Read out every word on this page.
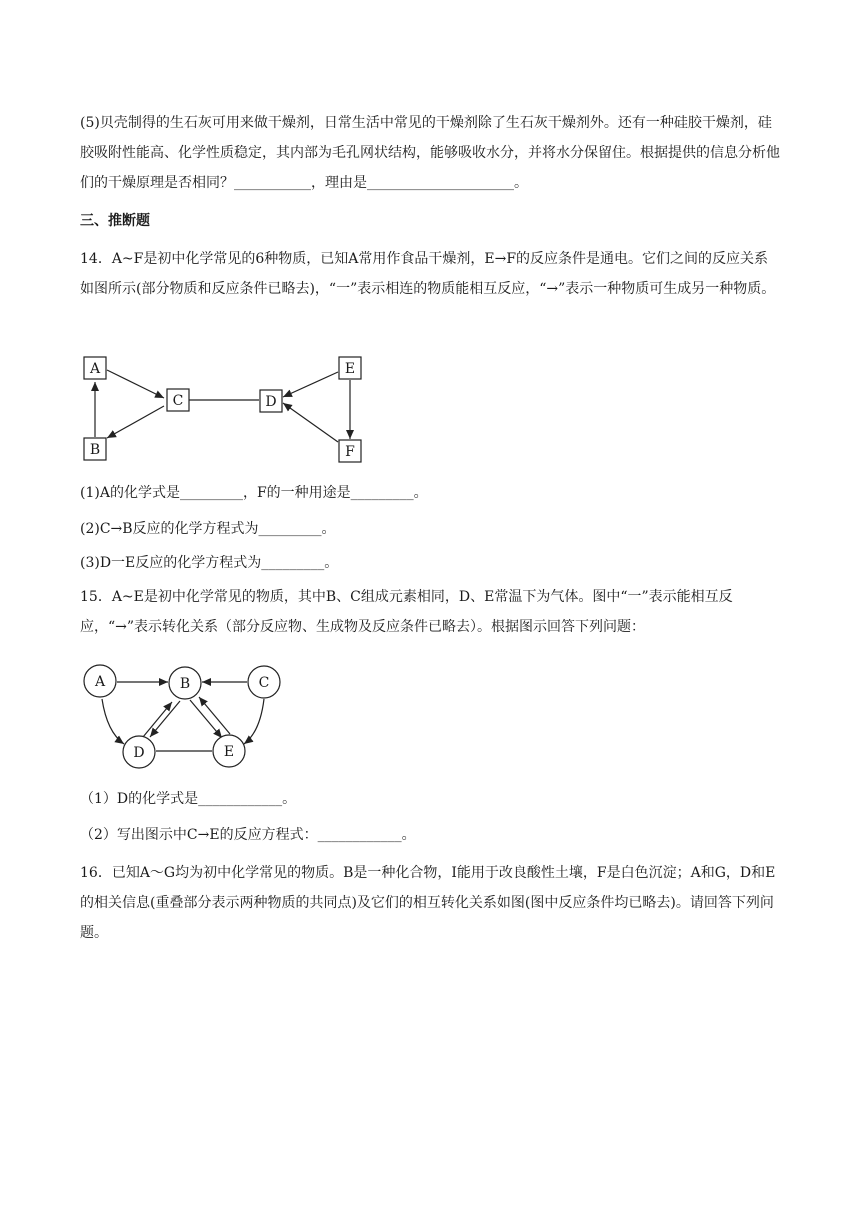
(5)贝壳制得的生石灰可用来做干燥剂，日常生活中常见的干燥剂除了生石灰干燥剂外。还有一种硅胶干燥剂，硅胶吸附性能高、化学性质稳定，其内部为毛孔网状结构，能够吸收水分，并将水分保留住。根据提供的信息分析他们的干燥原理是否相同？___________，理由是_____________________。

三、推断题

14．A~F是初中化学常见的6种物质，已知A常用作食品干燥剂，E→F的反应条件是通电。它们之间的反应关系如图所示(部分物质和反应条件已略去)，“一”表示相连的物质能相互反应，“→”表示一种物质可生成另一种物质。

A
B
C	D
E
F

(1)A的化学式是_________，F的一种用途是_________。

(2)C→B反应的化学方程式为_________。

(3)D一E反应的化学方程式为_________。

15．A~E是初中化学常见的物质，其中B、C组成元素相同，D、E常温下为气体。图中“一”表示能相互反应，“→”表示转化关系（部分反应物、生成物及反应条件已略去）。根据图示回答下列问题：

A	B	C
D	E

（1）D的化学式是____________。

（2）写出图示中C→E的反应方程式：____________。

16．已知A～G均为初中化学常见的物质。B是一种化合物，I能用于改良酸性土壤，F是白色沉淀；A和G，D和E的相关信息(重叠部分表示两种物质的共同点)及它们的相互转化关系如图(图中反应条件均已略去)。请回答下列问题。
